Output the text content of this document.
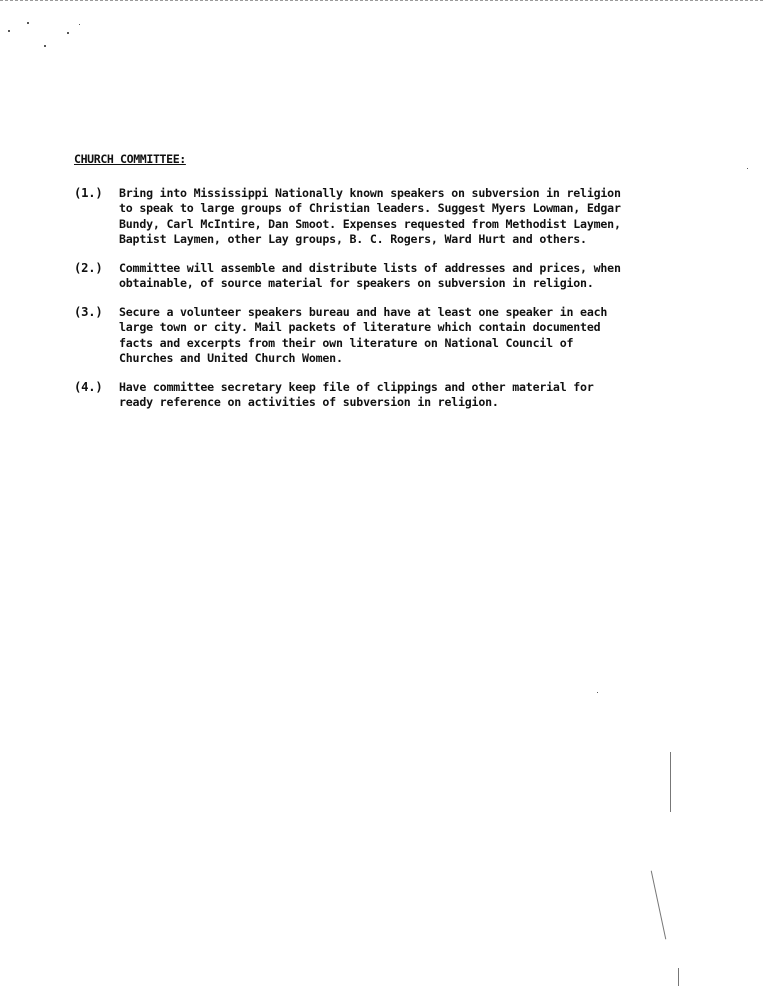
CHURCH COMMITTEE:
(1.)	Bring into Mississippi Nationally known speakers on subversion in religion to speak to large groups of Christian leaders. Suggest Myers Lowman, Edgar Bundy, Carl McIntire, Dan Smoot. Expenses requested from Methodist Laymen, Baptist Laymen, other Lay groups, B. C. Rogers, Ward Hurt and others.

(2.)	Committee will assemble and distribute lists of addresses and prices, when obtainable, of source material for speakers on subversion in religion.

(3.)	Secure a volunteer speakers bureau and have at least one speaker in each large town or city. Mail packets of literature which contain documented facts and excerpts from their own literature on National Council of Churches and United Church Women.

(4.)	Have committee secretary keep file of clippings and other material for ready reference on activities of subversion in religion.
